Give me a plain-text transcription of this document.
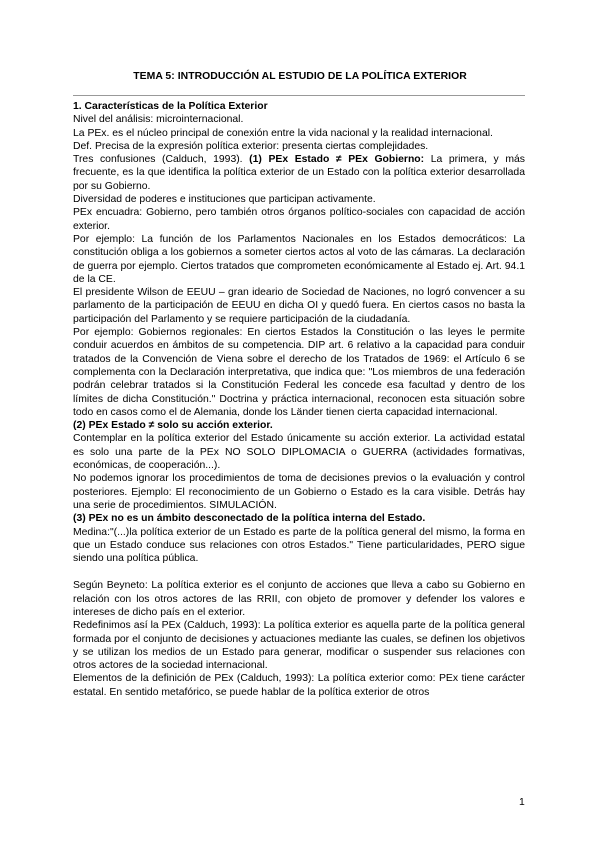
TEMA 5: INTRODUCCIÓN AL ESTUDIO DE LA POLÍTICA EXTERIOR

1. Características de la Política Exterior

Nivel del análisis: microinternacional.

La PEx. es el núcleo principal de conexión entre la vida nacional y la realidad internacional.

Def. Precisa de la expresión política exterior: presenta ciertas complejidades.

Tres confusiones (Calduch, 1993). (1) PEx Estado ≠ PEx Gobierno: La primera, y más frecuente, es la que identifica la política exterior de un Estado con la política exterior desarrollada por su Gobierno.

Diversidad de poderes e instituciones que participan activamente.

PEx encuadra: Gobierno, pero también otros órganos político-sociales con capacidad de acción exterior.

Por ejemplo: La función de los Parlamentos Nacionales en los Estados democráticos: La constitución obliga a los gobiernos a someter ciertos actos al voto de las cámaras. La declaración de guerra por ejemplo. Ciertos tratados que comprometen económicamente al Estado ej. Art. 94.1 de la CE.

El presidente Wilson de EEUU – gran ideario de Sociedad de Naciones, no logró convencer a su parlamento de la participación de EEUU en dicha OI y quedó fuera. En ciertos casos no basta la participación del Parlamento y se requiere participación de la ciudadanía.

Por ejemplo: Gobiernos regionales: En ciertos Estados la Constitución o las leyes le permite conduir acuerdos en ámbitos de su competencia. DIP art. 6 relativo a la capacidad para conduir tratados de la Convención de Viena sobre el derecho de los Tratados de 1969: el Artículo 6 se complementa con la Declaración interpretativa, que indica que: "Los miembros de una federación podrán celebrar tratados si la Constitución Federal les concede esa facultad y dentro de los límites de dicha Constitución." Doctrina y práctica internacional, reconocen esta situación sobre todo en casos como el de Alemania, donde los Länder tienen cierta capacidad internacional.

(2) PEx Estado ≠ solo su acción exterior.

Contemplar en la política exterior del Estado únicamente su acción exterior. La actividad estatal es solo una parte de la PEx NO SOLO DIPLOMACIA o GUERRA (actividades formativas, económicas, de cooperación...).

No podemos ignorar los procedimientos de toma de decisiones previos o la evaluación y control posteriores. Ejemplo: El reconocimiento de un Gobierno o Estado es la cara visible. Detrás hay una serie de procedimientos. SIMULACIÓN.

(3) PEx no es un ámbito desconectado de la política interna del Estado.

Medina:"(...)la política exterior de un Estado es parte de la política general del mismo, la forma en que un Estado conduce sus relaciones con otros Estados." Tiene particularidades, PERO sigue siendo una política pública.

Según Beyneto: La política exterior es el conjunto de acciones que lleva a cabo su Gobierno en relación con los otros actores de las RRII, con objeto de promover y defender los valores e intereses de dicho país en el exterior.

Redefinimos así la PEx (Calduch, 1993): La política exterior es aquella parte de la política general formada por el conjunto de decisiones y actuaciones mediante las cuales, se definen los objetivos y se utilizan los medios de un Estado para generar, modificar o suspender sus relaciones con otros actores de la sociedad internacional.

Elementos de la definición de PEx (Calduch, 1993): La política exterior como: PEx tiene carácter estatal. En sentido metafórico, se puede hablar de la política exterior de otros

1
